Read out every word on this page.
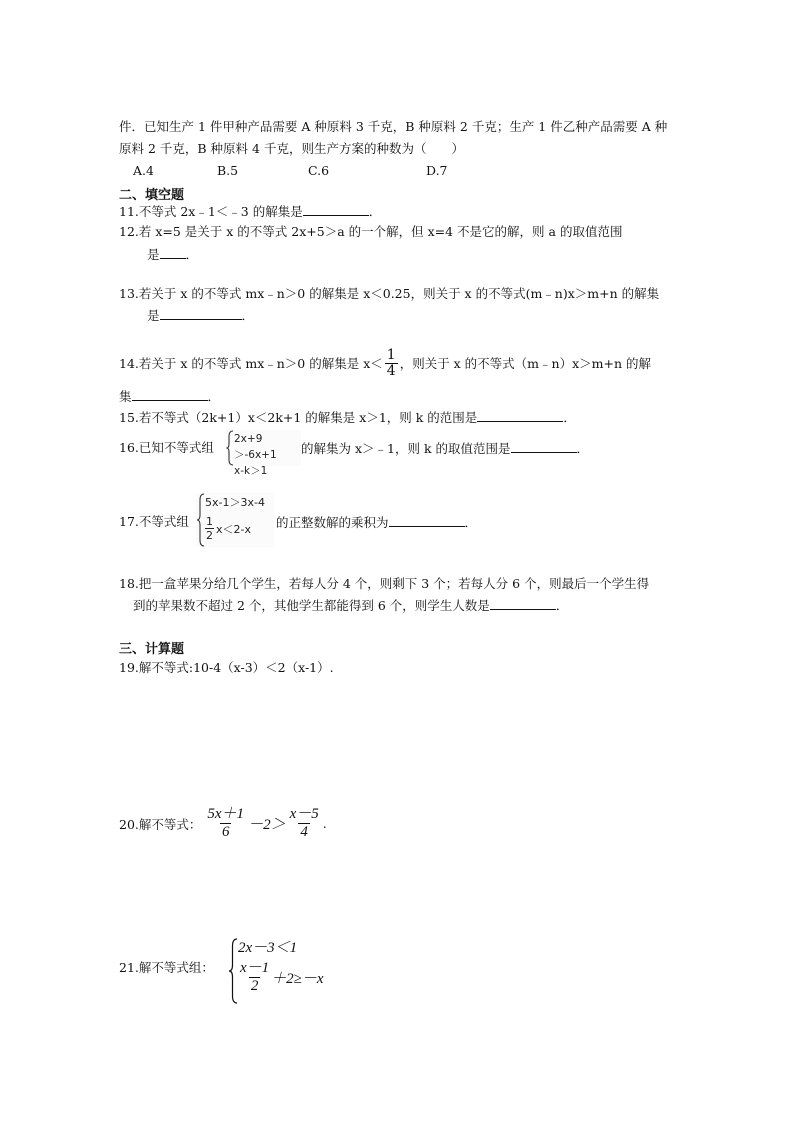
件．已知生产 1 件甲种产品需要 A 种原料 3 千克，B 种原料 2 千克；生产 1 件乙种产品需要 A 种
原料 2 千克，B 种原料 4 千克，则生产方案的种数为（　　）
A.4	B.5	C.6	D.7
二、填空题
11.不等式 2x﹣1＜﹣3 的解集是	．
12.若 x=5 是关于 x 的不等式 2x+5＞a 的一个解，但 x=4 不是它的解，则 a 的取值范围
是 ．
13.若关于 x 的不等式 mx﹣n＞0 的解集是 x＜0.25，则关于 x 的不等式(m﹣n)x＞m+n 的解集
是	．
14.若关于 x 的不等式 mx﹣n＞0 的解集是 $x< \frac{1}{4}$ ，则关于 x 的不等式（m﹣n）x＞m+n 的解
集	．
15.若不等式（2k+1）x＜2k+1 的解集是 x＞1，则 k 的范围是	．
16.已知不等式组
2x+9＞-6x+1
x-k＞1
的解集为 x＞﹣1，则 k 的取值范围是	．
17.不等式组
5x-1＞3x-4
$\frac{1}{2} x<2-x$ 的正整数解的乘积为	．
18.把一盒苹果分给几个学生，若每人分 4 个，则剩下 3 个；若每人分 6 个，则最后一个学生得
到的苹果数不超过 2 个，其他学生都能得到 6 个，则学生人数是	．
三、计算题
19.解不等式:10-4（x-3）＜2（x-1）.
20.解不等式： $\frac{5x+1}{6} -2> \frac{x-5}{4}$ .
21.解不等式组：
2x－3＜1
$\frac{x-1}{2} +2\ge-x$
